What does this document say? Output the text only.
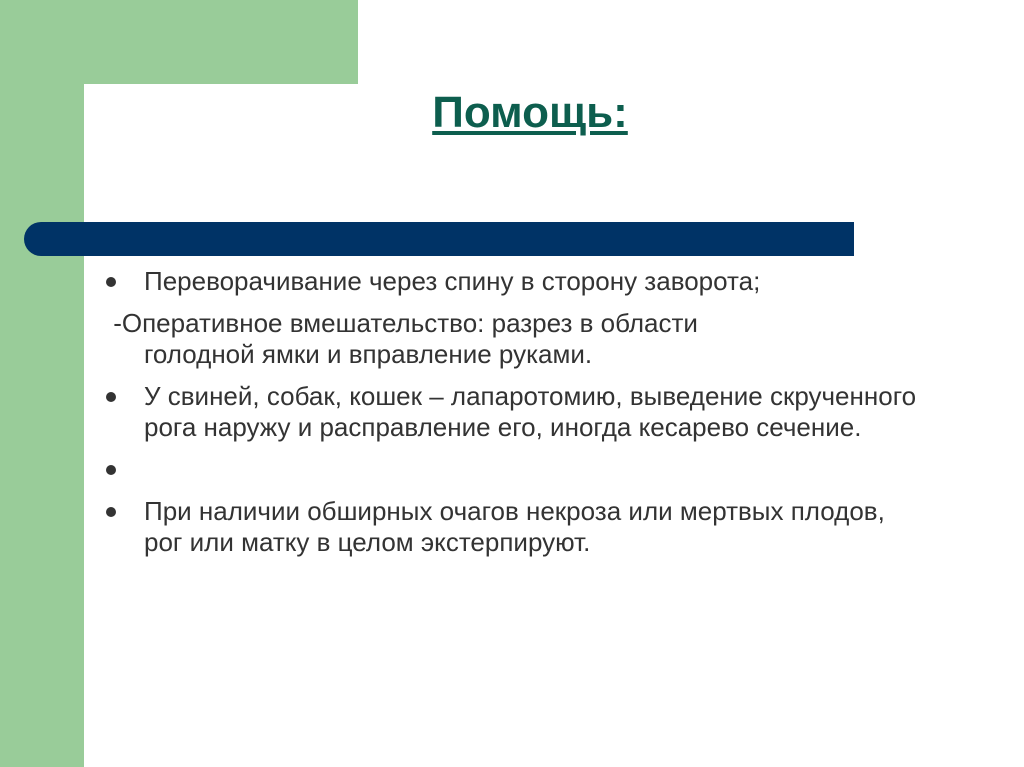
Помощь:
Переворачивание через спину в сторону заворота;
-Оперативное вмешательство: разрез в области
голодной ямки и вправление руками.
У свиней, собак, кошек – лапаротомию, выведение скрученного рога наружу и расправление его, иногда кесарево сечение.
При наличии обширных очагов некроза или мертвых плодов, рог или матку в целом экстерпируют.
